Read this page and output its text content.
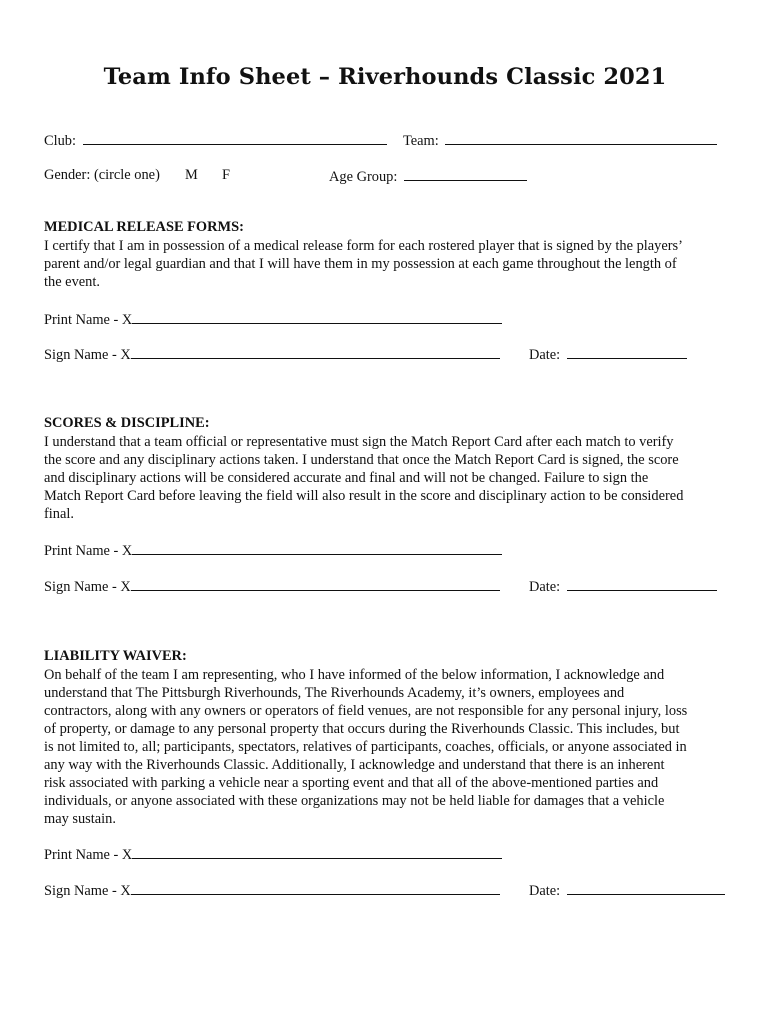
Team Info Sheet – Riverhounds Classic 2021
Club:	Team:
Gender: (circle one) M F	Age Group:
MEDICAL RELEASE FORMS:
I certify that I am in possession of a medical release form for each rostered player that is signed by the players’
parent and/or legal guardian and that I will have them in my possession at each game throughout the length of
the event.
Print Name - X
Sign Name - X	Date:
SCORES & DISCIPLINE:
I understand that a team official or representative must sign the Match Report Card after each match to verify
the score and any disciplinary actions taken. I understand that once the Match Report Card is signed, the score
and disciplinary actions will be considered accurate and final and will not be changed. Failure to sign the
Match Report Card before leaving the field will also result in the score and disciplinary action to be considered
final.
Print Name - X
Sign Name - X	Date:
LIABILITY WAIVER:
On behalf of the team I am representing, who I have informed of the below information, I acknowledge and
understand that The Pittsburgh Riverhounds, The Riverhounds Academy, it’s owners, employees and
contractors, along with any owners or operators of field venues, are not responsible for any personal injury, loss
of property, or damage to any personal property that occurs during the Riverhounds Classic. This includes, but
is not limited to, all; participants, spectators, relatives of participants, coaches, officials, or anyone associated in
any way with the Riverhounds Classic. Additionally, I acknowledge and understand that there is an inherent
risk associated with parking a vehicle near a sporting event and that all of the above-mentioned parties and
individuals, or anyone associated with these organizations may not be held liable for damages that a vehicle
may sustain.
Print Name - X
Sign Name - X	Date:
